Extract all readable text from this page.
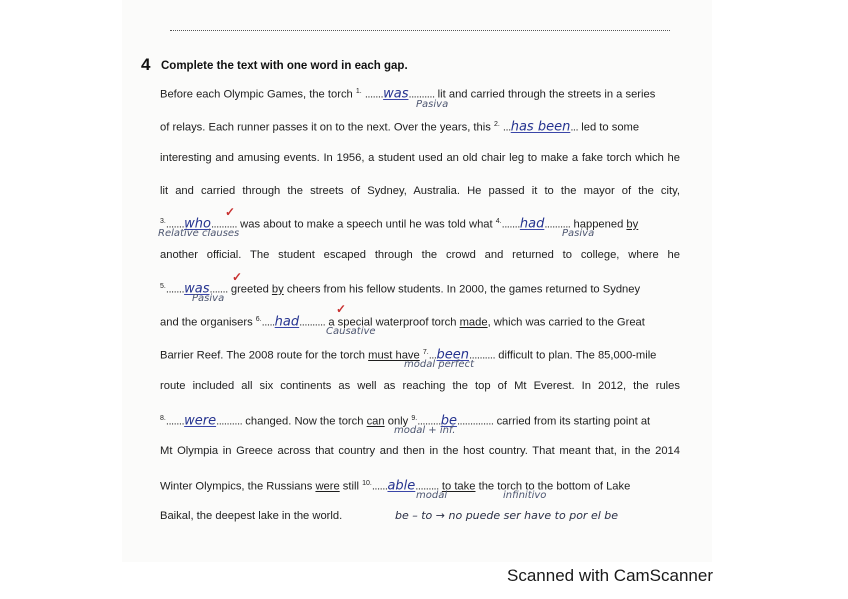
4 Complete the text with one word in each gap.
Before each Olympic Games, the torch $^{1.}$ .......was.......... lit and carried through the streets in a series
Pasiva
of relays. Each runner passes it on to the next. Over the years, this $^{2.}$ ...has been... led to some
interesting and amusing events. In 1956, a student used an old chair leg to make a fake torch which he
lit and carried through the streets of Sydney, Australia. He passed it to the mayor of the city,
$^{3.}$.......who.......... was about to make a speech until he was told what $^{4.}$.......had.......... happened by
✓
Relative clauses	Pasiva
another official. The student escaped through the crowd and returned to college, where he
$^{5.}$.......was....... greeted by cheers from his fellow students. In 2000, the games returned to Sydney
✓
Pasiva
and the organisers $^{6.}$.....had.......... a special waterproof torch made, which was carried to the Great
✓
Causative
Barrier Reef. The 2008 route for the torch must have $^{7.}$...been.......... difficult to plan. The 85,000-mile
modal perfect
route included all six continents as well as reaching the top of Mt Everest. In 2012, the rules
$^{8.}$.......were.......... changed. Now the torch can only $^{9.}$.........be.............. carried from its starting point at
modal + inf.
Mt Olympia in Greece across that country and then in the host country. That meant that, in the 2014
Winter Olympics, the Russians were still $^{10.}$......able......... to take the torch to the bottom of Lake
modal	infinitivo
Baikal, the deepest lake in the world.	be – to → no puede ser have to por el be
Scanned with CamScanner
